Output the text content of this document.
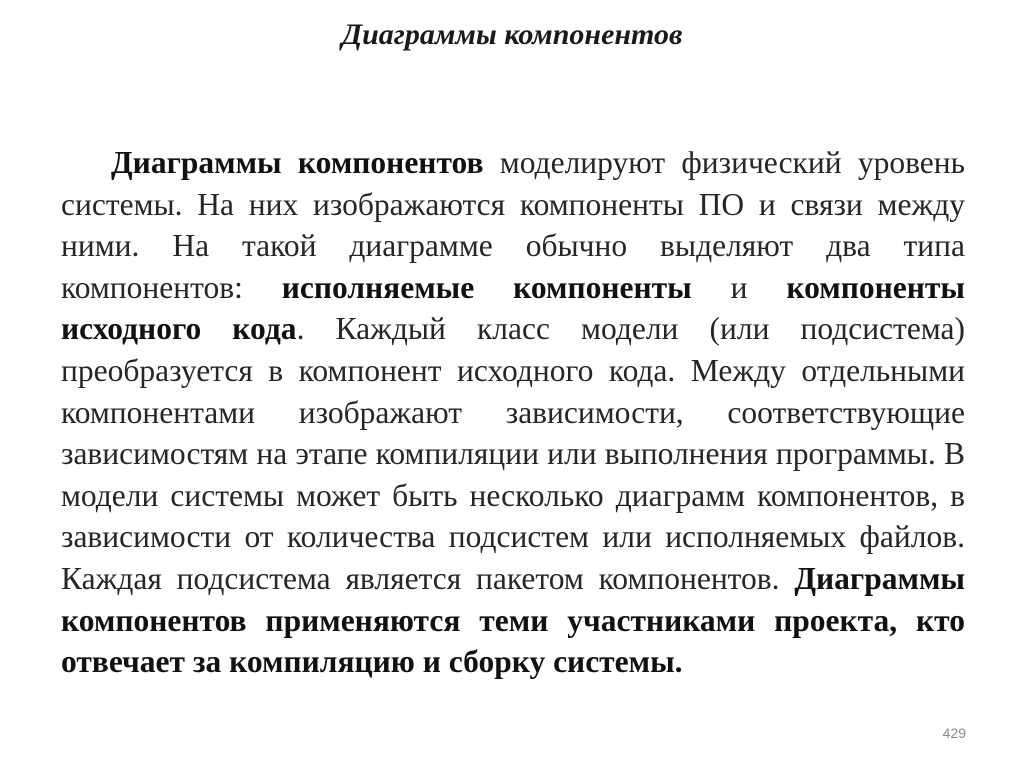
Диаграммы компонентов

Диаграммы компонентов моделируют физический уровень системы. На них изображаются компоненты ПО и связи между ними. На такой диаграмме обычно выделяют два типа компонентов: исполняемые компоненты и компоненты исходного кода. Каждый класс модели (или подсистема) преобразуется в компонент исходного кода. Между отдельными компонентами изображают зависимости, соответствующие зависимостям на этапе компиляции или выполнения программы. В модели системы может быть несколько диаграмм компонентов, в зависимости от количества подсистем или исполняемых файлов. Каждая подсистема является пакетом компонентов. Диаграммы компонентов применяются теми участниками проекта, кто отвечает за компиляцию и сборку системы.

429
